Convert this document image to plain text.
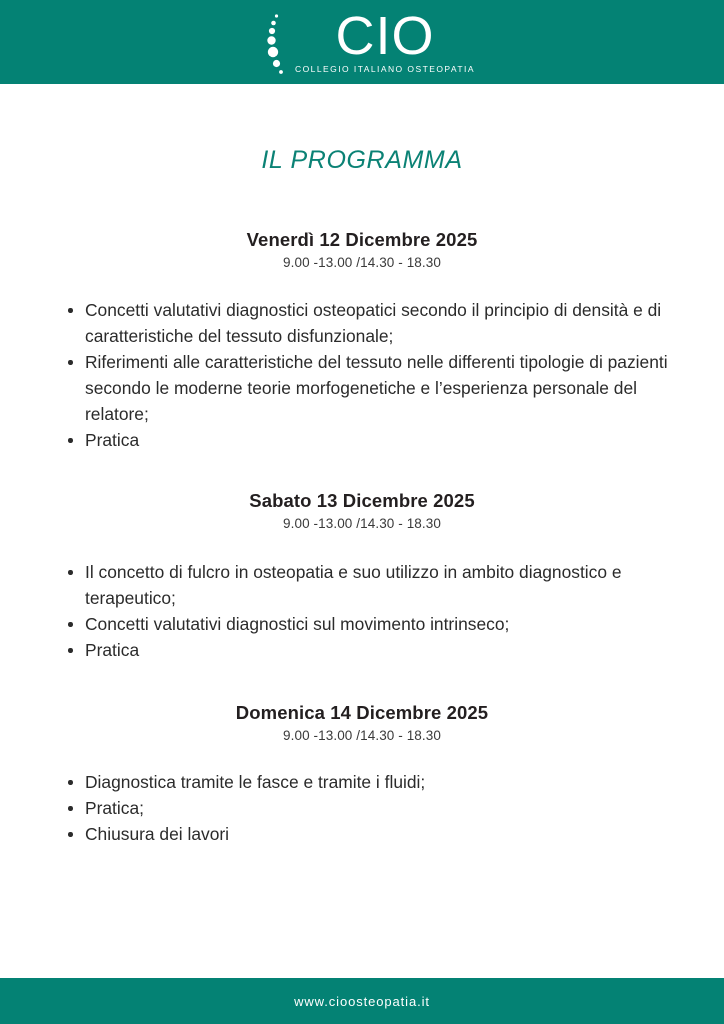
CIO
COLLEGIO ITALIANO OSTEOPATIA
IL PROGRAMMA
Venerdì 12 Dicembre 2025
9.00 -13.00 /14.30 - 18.30
Concetti valutativi diagnostici osteopatici secondo il principio di densità e di caratteristiche del tessuto disfunzionale;
Riferimenti alle caratteristiche del tessuto nelle differenti tipologie di pazienti secondo le moderne teorie morfogenetiche e l’esperienza personale del relatore;
Pratica
Sabato 13 Dicembre 2025
9.00 -13.00 /14.30 - 18.30
Il concetto di fulcro in osteopatia e suo utilizzo in ambito diagnostico e terapeutico;
Concetti valutativi diagnostici sul movimento intrinseco;
Pratica
Domenica 14 Dicembre 2025
9.00 -13.00 /14.30 - 18.30
Diagnostica tramite le fasce e tramite i fluidi;
Pratica;
Chiusura dei lavori
www.cioosteopatia.it
